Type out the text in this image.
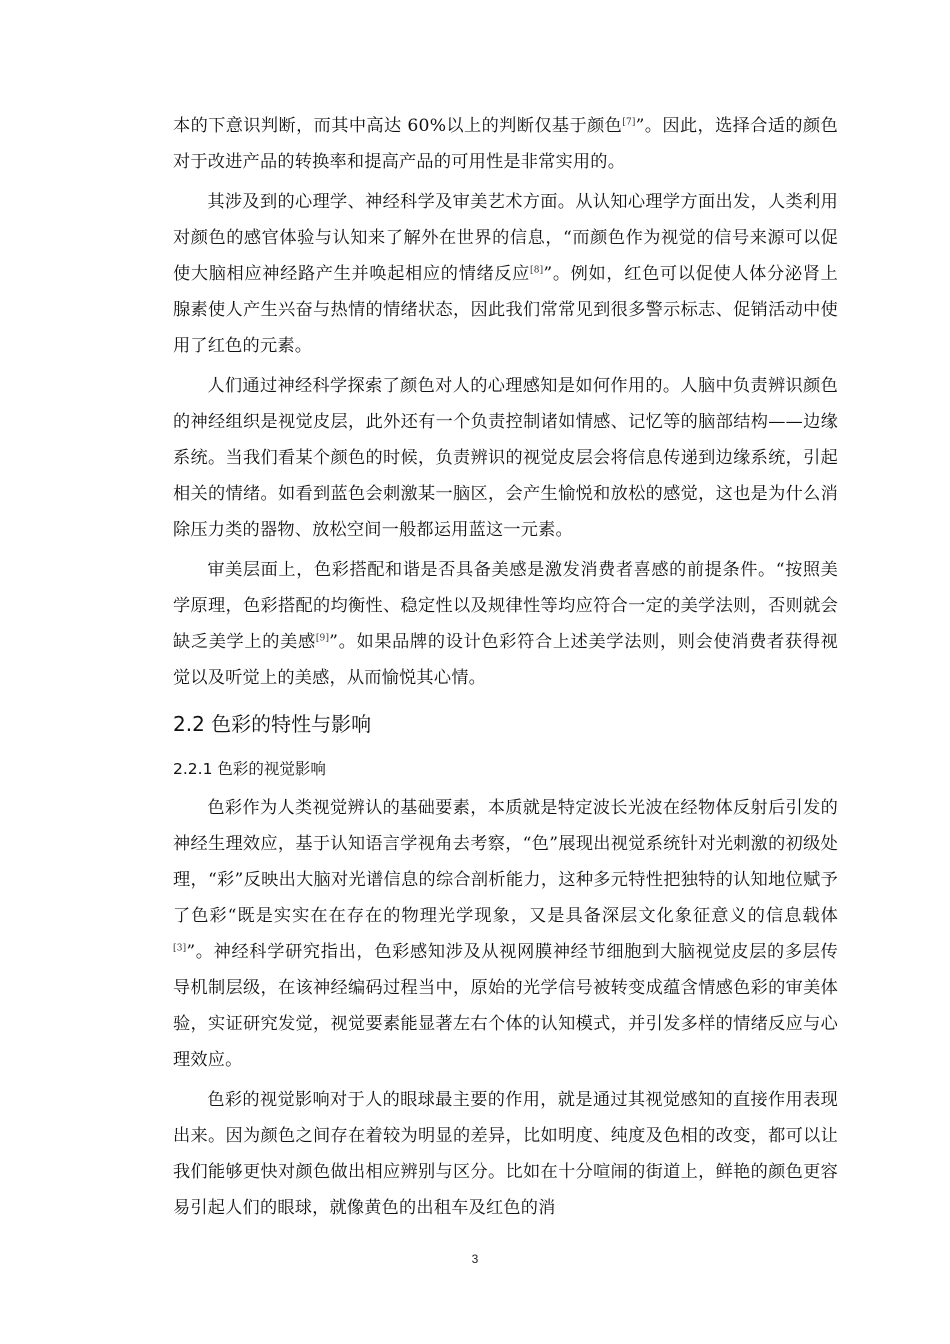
本的下意识判断，而其中高达 60%以上的判断仅基于颜色[7]”。因此，选择合适的颜色对于改进产品的转换率和提高产品的可用性是非常实用的。

其涉及到的心理学、神经科学及审美艺术方面。从认知心理学方面出发，人类利用对颜色的感官体验与认知来了解外在世界的信息，“而颜色作为视觉的信号来源可以促使大脑相应神经路产生并唤起相应的情绪反应[8]”。例如，红色可以促使人体分泌肾上腺素使人产生兴奋与热情的情绪状态，因此我们常常见到很多警示标志、促销活动中使用了红色的元素。

人们通过神经科学探索了颜色对人的心理感知是如何作用的。人脑中负责辨识颜色的神经组织是视觉皮层，此外还有一个负责控制诸如情感、记忆等的脑部结构——边缘系统。当我们看某个颜色的时候，负责辨识的视觉皮层会将信息传递到边缘系统，引起相关的情绪。如看到蓝色会刺激某一脑区，会产生愉悦和放松的感觉，这也是为什么消除压力类的器物、放松空间一般都运用蓝这一元素。

审美层面上，色彩搭配和谐是否具备美感是激发消费者喜感的前提条件。“按照美学原理，色彩搭配的均衡性、稳定性以及规律性等均应符合一定的美学法则，否则就会缺乏美学上的美感[9]”。如果品牌的设计色彩符合上述美学法则，则会使消费者获得视觉以及听觉上的美感，从而愉悦其心情。

2.2 色彩的特性与影响
2.2.1 色彩的视觉影响

色彩作为人类视觉辨认的基础要素，本质就是特定波长光波在经物体反射后引发的神经生理效应，基于认知语言学视角去考察，“色”展现出视觉系统针对光刺激的初级处理，“彩”反映出大脑对光谱信息的综合剖析能力，这种多元特性把独特的认知地位赋予了色彩“既是实实在在存在的物理光学现象，又是具备深层文化象征意义的信息载体[3]”。神经科学研究指出，色彩感知涉及从视网膜神经节细胞到大脑视觉皮层的多层传导机制层级，在该神经编码过程当中，原始的光学信号被转变成蕴含情感色彩的审美体验，实证研究发觉，视觉要素能显著左右个体的认知模式，并引发多样的情绪反应与心理效应。

色彩的视觉影响对于人的眼球最主要的作用，就是通过其视觉感知的直接作用表现出来。因为颜色之间存在着较为明显的差异，比如明度、纯度及色相的改变，都可以让我们能够更快对颜色做出相应辨别与区分。比如在十分喧闹的街道上，鲜艳的颜色更容易引起人们的眼球，就像黄色的出租车及红色的消

3
